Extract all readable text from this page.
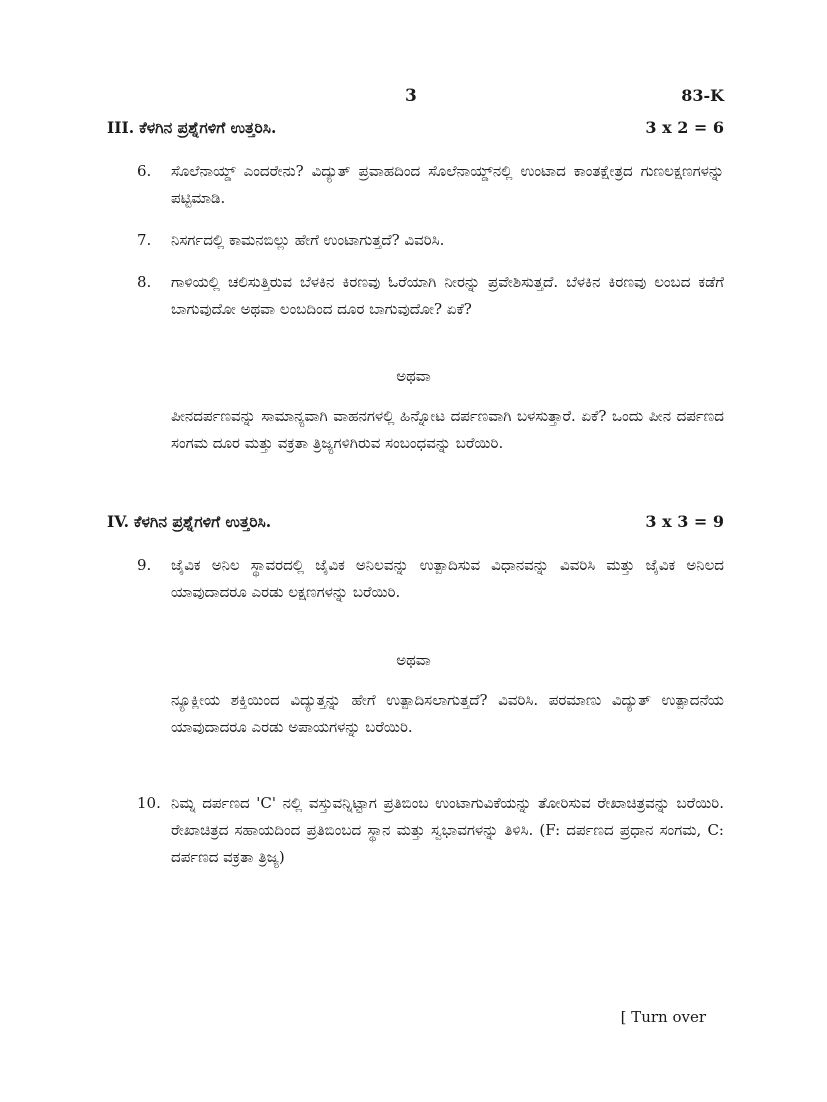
3	83-K
III. ಕೆಳಗಿನ ಪ್ರಶ್ನೆಗಳಿಗೆ ಉತ್ತರಿಸಿ.	3 x 2 = 6
6.	ಸೊಲೆನಾಯ್ಡ್ ಎಂದರೇನು? ವಿದ್ಯುತ್ ಪ್ರವಾಹದಿಂದ ಸೊಲೆನಾಯ್ಡ್‌ನಲ್ಲಿ ಉಂಟಾದ ಕಾಂತಕ್ಷೇತ್ರದ ಗುಣಲಕ್ಷಣಗಳನ್ನು ಪಟ್ಟಿಮಾಡಿ.
7.	ನಿಸರ್ಗದಲ್ಲಿ ಕಾಮನಬಿಲ್ಲು ಹೇಗೆ ಉಂಟಾಗುತ್ತದೆ? ವಿವರಿಸಿ.
8.	ಗಾಳಿಯಲ್ಲಿ ಚಲಿಸುತ್ತಿರುವ ಬೆಳಕಿನ ಕಿರಣವು ಓರೆಯಾಗಿ ನೀರನ್ನು ಪ್ರವೇಶಿಸುತ್ತದೆ. ಬೆಳಕಿನ ಕಿರಣವು ಲಂಬದ ಕಡೆಗೆ ಬಾಗುವುದೋ ಅಥವಾ ಲಂಬದಿಂದ ದೂರ ಬಾಗುವುದೋ? ಏಕೆ?
ಅಥವಾ
ಪೀನದರ್ಪಣವನ್ನು ಸಾಮಾನ್ಯವಾಗಿ ವಾಹನಗಳಲ್ಲಿ ಹಿನ್ನೋಟ ದರ್ಪಣವಾಗಿ ಬಳಸುತ್ತಾರೆ. ಏಕೆ? ಒಂದು ಪೀನ ದರ್ಪಣದ ಸಂಗಮ ದೂರ ಮತ್ತು ವಕ್ರತಾ ತ್ರಿಜ್ಯಗಳಿಗಿರುವ ಸಂಬಂಧವನ್ನು ಬರೆಯಿರಿ.
IV. ಕೆಳಗಿನ ಪ್ರಶ್ನೆಗಳಿಗೆ ಉತ್ತರಿಸಿ.	3 x 3 = 9
9.	ಜೈವಿಕ ಅನಿಲ ಸ್ಥಾವರದಲ್ಲಿ ಜೈವಿಕ ಅನಿಲವನ್ನು ಉತ್ಪಾದಿಸುವ ವಿಧಾನವನ್ನು ವಿವರಿಸಿ ಮತ್ತು ಜೈವಿಕ ಅನಿಲದ ಯಾವುದಾದರೂ ಎರಡು ಲಕ್ಷಣಗಳನ್ನು ಬರೆಯಿರಿ.
ಅಥವಾ
ನ್ಯೂಕ್ಲೀಯ ಶಕ್ತಿಯಿಂದ ವಿದ್ಯುತ್ತನ್ನು ಹೇಗೆ ಉತ್ಪಾದಿಸಲಾಗುತ್ತದೆ? ವಿವರಿಸಿ. ಪರಮಾಣು ವಿದ್ಯುತ್ ಉತ್ಪಾದನೆಯ ಯಾವುದಾದರೂ ಎರಡು ಅಪಾಯಗಳನ್ನು ಬರೆಯಿರಿ.
10. ನಿಮ್ನ ದರ್ಪಣದ 'C' ನಲ್ಲಿ ವಸ್ತುವನ್ನಿಟ್ಟಾಗ ಪ್ರತಿಬಿಂಬ ಉಂಟಾಗುವಿಕೆಯನ್ನು ತೋರಿಸುವ ರೇಖಾಚಿತ್ರವನ್ನು ಬರೆಯಿರಿ. ರೇಖಾಚಿತ್ರದ ಸಹಾಯದಿಂದ ಪ್ರತಿಬಿಂಬದ ಸ್ಥಾನ ಮತ್ತು ಸ್ವಭಾವಗಳನ್ನು ತಿಳಿಸಿ. (F: ದರ್ಪಣದ ಪ್ರಧಾನ ಸಂಗಮ, C: ದರ್ಪಣದ ವಕ್ರತಾ ತ್ರಿಜ್ಯ)
[ Turn over
